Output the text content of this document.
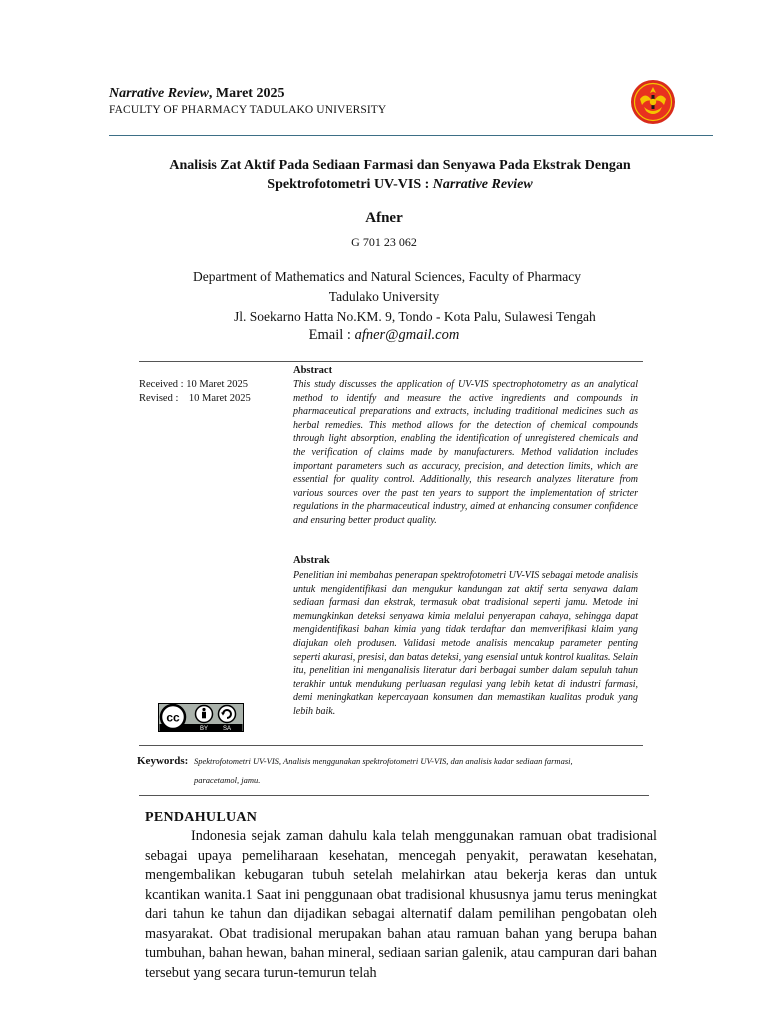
Narrative Review, Maret 2025
FACULTY OF PHARMACY TADULAKO UNIVERSITY
Analisis Zat Aktif Pada Sediaan Farmasi dan Senyawa Pada Ekstrak Dengan
Spektrofotometri UV-VIS : Narrative Review
Afner
G 701 23 062
Department of Mathematics and Natural Sciences, Faculty of Pharmacy
Tadulako University
Jl. Soekarno Hatta No.KM. 9, Tondo - Kota Palu, Sulawesi Tengah
Email : afner@gmail.com
Received : 10 Maret 2025
Revised :    10 Maret 2025
Abstract
This study discusses the application of UV-VIS spectrophotometry as an analytical method to identify and measure the active ingredients and compounds in pharmaceutical preparations and extracts, including traditional medicines such as herbal remedies. This method allows for the detection of chemical compounds through light absorption, enabling the identification of unregistered chemicals and the verification of claims made by manufacturers. Method validation includes important parameters such as accuracy, precision, and detection limits, which are essential for quality control. Additionally, this research analyzes literature from various sources over the past ten years to support the implementation of stricter regulations in the pharmaceutical industry, aimed at enhancing consumer confidence and ensuring better product quality.
Abstrak
Penelitian ini membahas penerapan spektrofotometri UV-VIS sebagai metode analisis untuk mengidentifikasi dan mengukur kandungan zat aktif serta senyawa dalam sediaan farmasi dan ekstrak, termasuk obat tradisional seperti jamu. Metode ini memungkinkan deteksi senyawa kimia melalui penyerapan cahaya, sehingga dapat mengidentifikasi bahan kimia yang tidak terdaftar dan memverifikasi klaim yang diajukan oleh produsen. Validasi metode analisis mencakup parameter penting seperti akurasi, presisi, dan batas deteksi, yang esensial untuk kontrol kualitas. Selain itu, penelitian ini menganalisis literatur dari berbagai sumber dalam sepuluh tahun terakhir untuk mendukung perluasan regulasi yang lebih ketat di industri farmasi, demi meningkatkan kepercayaan konsumen dan memastikan kualitas produk yang lebih baik.
cc
BY SA
Keywords: Spektrofotometri UV-VIS, Analisis menggunakan spektrofotometri UV-VIS, dan analisis kadar sediaan farmasi,
paracetamol, jamu.
PENDAHULUAN
Indonesia sejak zaman dahulu kala telah menggunakan ramuan obat tradisional sebagai upaya pemeliharaan kesehatan, mencegah penyakit, perawatan kesehatan, mengembalikan kebugaran tubuh setelah melahirkan atau bekerja keras dan untuk kcantikan wanita.1 Saat ini penggunaan obat tradisional khususnya jamu terus meningkat dari tahun ke tahun dan dijadikan sebagai alternatif dalam pemilihan pengobatan oleh masyarakat. Obat tradisional merupakan bahan atau ramuan bahan yang berupa bahan tumbuhan, bahan hewan, bahan mineral, sediaan sarian galenik, atau campuran dari bahan tersebut yang secara turun-temurun telah
